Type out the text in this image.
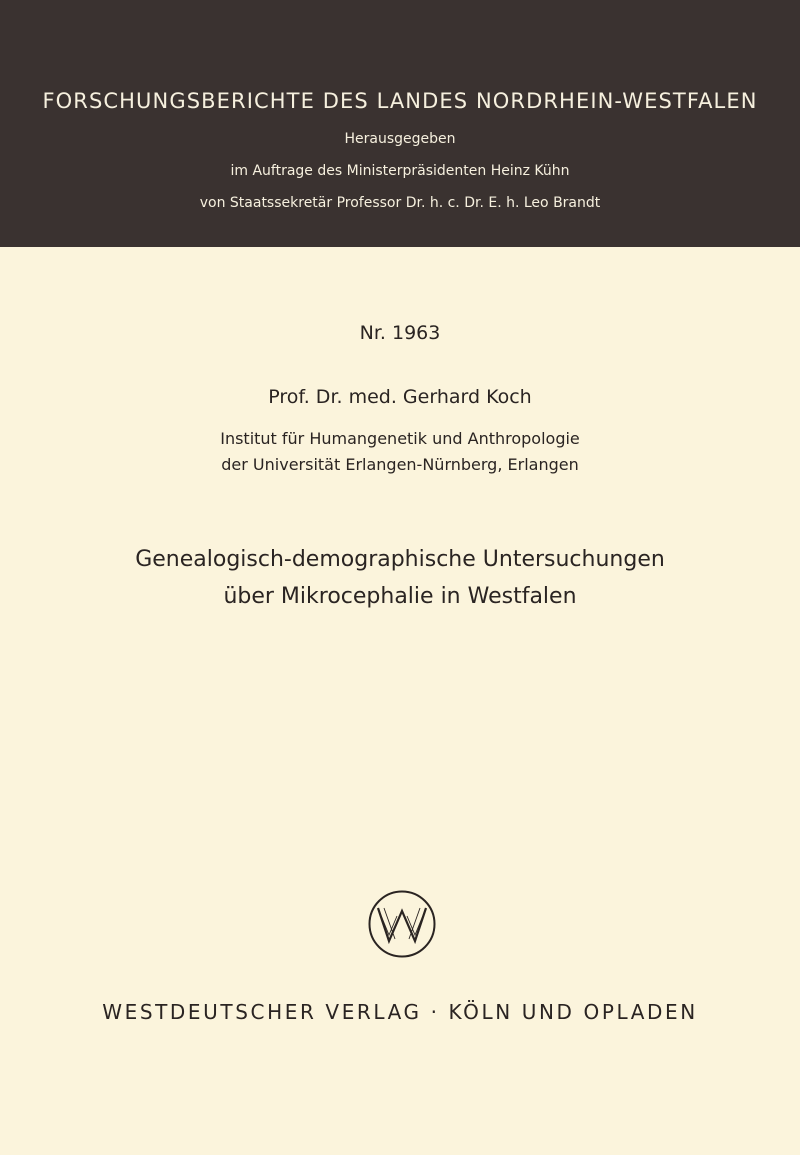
FORSCHUNGSBERICHTE DES LANDES NORDRHEIN-WESTFALEN
Herausgegeben
im Auftrage des Ministerpräsidenten Heinz Kühn
von Staatssekretär Professor Dr. h. c. Dr. E. h. Leo Brandt
Nr. 1963
Prof. Dr. med. Gerhard Koch
Institut für Humangenetik und Anthropologie
der Universität Erlangen-Nürnberg, Erlangen
Genealogisch-demographische Untersuchungen
über Mikrocephalie in Westfalen
WESTDEUTSCHER VERLAG · KÖLN UND OPLADEN
